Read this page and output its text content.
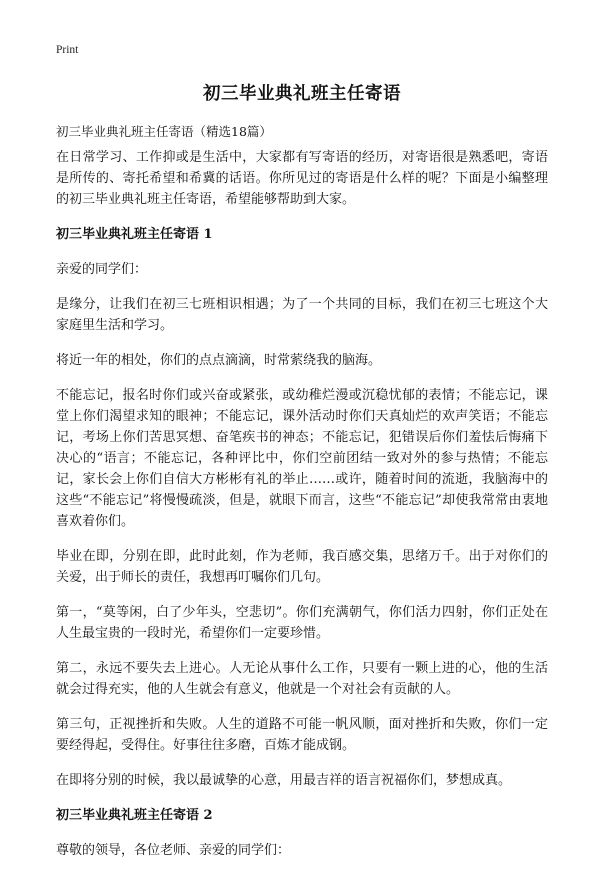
Print
初三毕业典礼班主任寄语

初三毕业典礼班主任寄语（精选18篇）

在日常学习、工作抑或是生活中，大家都有写寄语的经历，对寄语很是熟悉吧，寄语是所传的、寄托希望和希冀的话语。你所见过的寄语是什么样的呢？下面是小编整理的初三毕业典礼班主任寄语，希望能够帮助到大家。

初三毕业典礼班主任寄语 1

亲爱的同学们：

是缘分，让我们在初三七班相识相遇；为了一个共同的目标，我们在初三七班这个大家庭里生活和学习。

将近一年的相处，你们的点点滴滴，时常萦绕我的脑海。

不能忘记，报名时你们或兴奋或紧张，或幼稚烂漫或沉稳忧郁的表情；不能忘记，课堂上你们渴望求知的眼神；不能忘记，课外活动时你们天真灿烂的欢声笑语；不能忘记，考场上你们苦思冥想、奋笔疾书的神态；不能忘记，犯错误后你们羞怯后悔痛下决心的“语言；不能忘记，各种评比中，你们空前团结一致对外的参与热情；不能忘记，家长会上你们自信大方彬彬有礼的举止……或许，随着时间的流逝，我脑海中的这些“不能忘记”将慢慢疏淡，但是，就眼下而言，这些“不能忘记”却使我常常由衷地喜欢着你们。

毕业在即，分别在即，此时此刻，作为老师，我百感交集，思绪万千。出于对你们的关爱，出于师长的责任，我想再叮嘱你们几句。

第一，“莫等闲，白了少年头，空悲切”。你们充满朝气，你们活力四射，你们正处在人生最宝贵的一段时光，希望你们一定要珍惜。

第二，永远不要失去上进心。人无论从事什么工作，只要有一颗上进的心，他的生活就会过得充实，他的人生就会有意义，他就是一个对社会有贡献的人。

第三句，正视挫折和失败。人生的道路不可能一帆风顺，面对挫折和失败，你们一定要经得起，受得住。好事往往多磨，百炼才能成钢。

在即将分别的时候，我以最诚挚的心意，用最吉祥的语言祝福你们，梦想成真。

初三毕业典礼班主任寄语 2

尊敬的领导，各位老师、亲爱的同学们：
